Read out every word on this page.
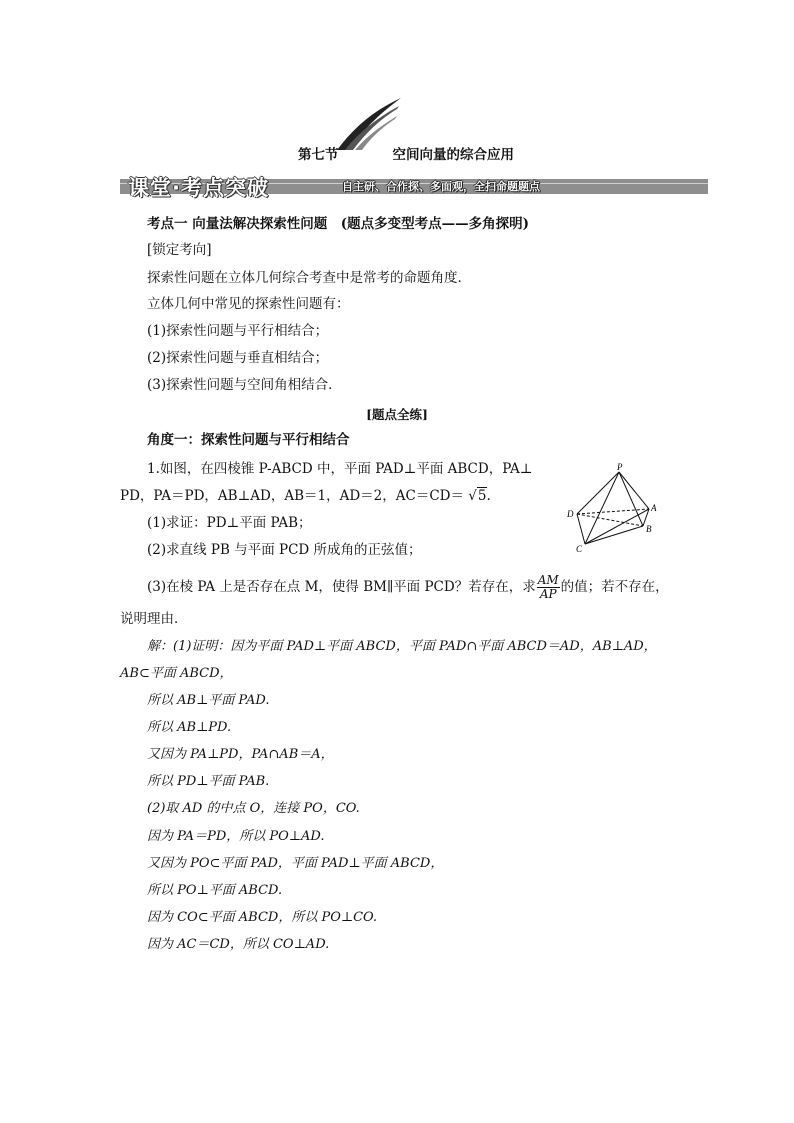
第七节	空间向量的综合应用
课堂·考点突破	自主研、合作探、多面观，全扫命题题点
考点一 向量法解决探索性问题　(题点多变型考点——多角探明)
[锁定考向]
探索性问题在立体几何综合考查中是常考的命题角度．
立体几何中常见的探索性问题有：
(1)探索性问题与平行相结合；
(2)探索性问题与垂直相结合；
(3)探索性问题与空间角相结合．
[题点全练]
角度一：探索性问题与平行相结合
1.如图，在四棱锥 P-ABCD 中，平面 PAD⊥平面 ABCD，PA⊥
PD，PA＝PD，AB⊥AD，AB＝1，AD＝2，AC＝CD＝ √5.
(1)求证：PD⊥平面 PAB；
(2)求直线 PB 与平面 PCD 所成角的正弦值；
(3)在棱 PA 上是否存在点 M，使得 BM∥平面 PCD？若存在，求 $\frac{AM}{AP}$ 的值；若不存在，
说明理由．
P
A
B
C
D
解：(1)证明：因为平面 PAD⊥平面 ABCD，平面 PAD∩平面 ABCD＝AD，AB⊥AD，
AB⊂平面 ABCD，
所以 AB⊥平面 PAD.
所以 AB⊥PD.
又因为 PA⊥PD，PA∩AB＝A，
所以 PD⊥平面 PAB.
(2)取 AD 的中点 O，连接 PO，CO.
因为 PA＝PD，所以 PO⊥AD.
又因为 PO⊂平面 PAD，平面 PAD⊥平面 ABCD，
所以 PO⊥平面 ABCD.
因为 CO⊂平面 ABCD，所以 PO⊥CO.
因为 AC＝CD，所以 CO⊥AD.
